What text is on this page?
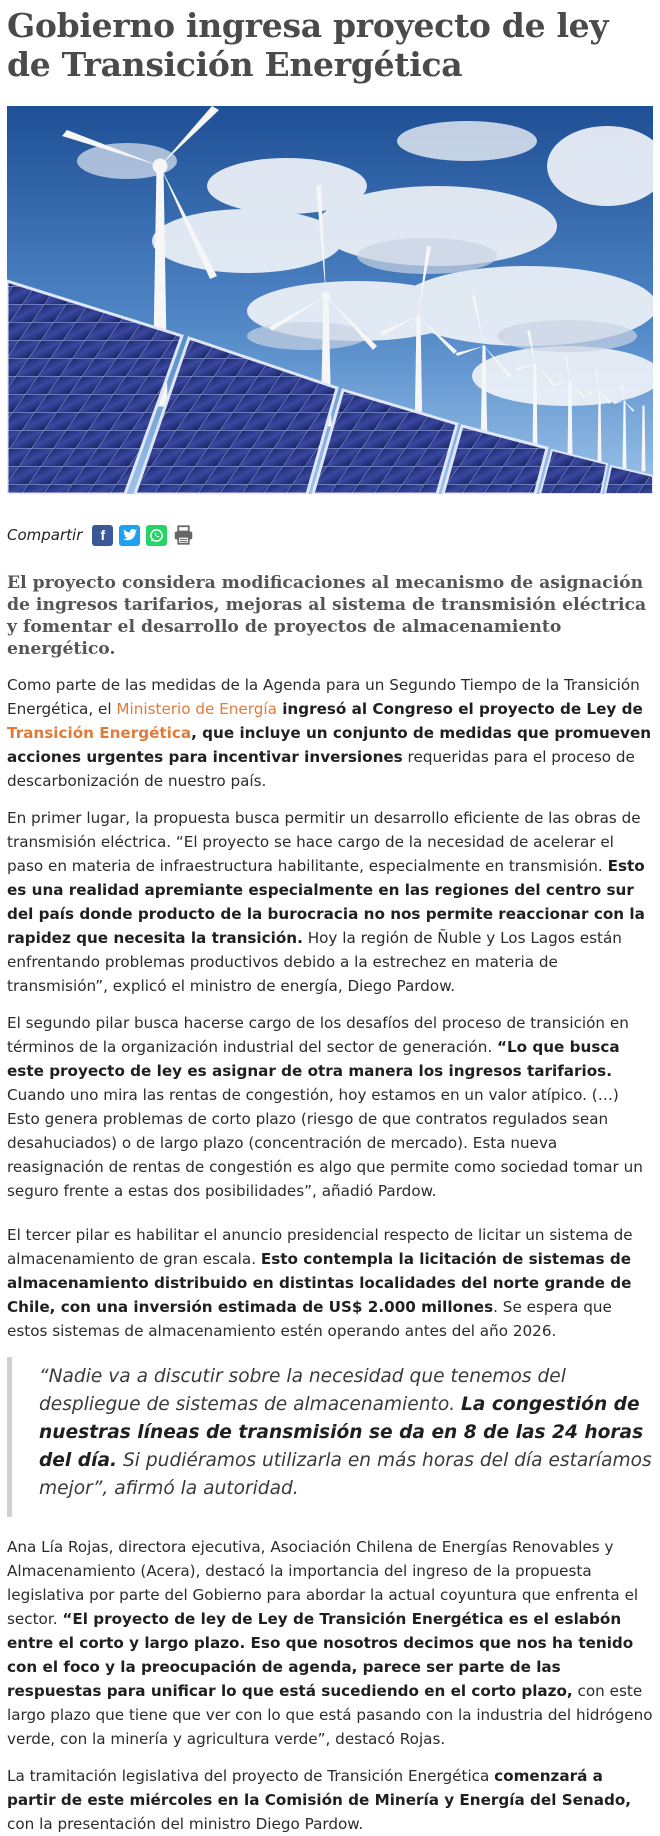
Gobierno ingresa proyecto de ley de Transición Energética
Compartir	f

El proyecto considera modificaciones al mecanismo de asignación de ingresos tarifarios, mejoras al sistema de transmisión eléctrica y fomentar el desarrollo de proyectos de almacenamiento energético.

Como parte de las medidas de la Agenda para un Segundo Tiempo de la Transición Energética, el Ministerio de Energía ingresó al Congreso el proyecto de Ley de Transición Energética, que incluye un conjunto de medidas que promueven acciones urgentes para incentivar inversiones requeridas para el proceso de descarbonización de nuestro país.

En primer lugar, la propuesta busca permitir un desarrollo eficiente de las obras de transmisión eléctrica. “El proyecto se hace cargo de la necesidad de acelerar el paso en materia de infraestructura habilitante, especialmente en transmisión. Esto es una realidad apremiante especialmente en las regiones del centro sur del país donde producto de la burocracia no nos permite reaccionar con la rapidez que necesita la transición. Hoy la región de Ñuble y Los Lagos están enfrentando problemas productivos debido a la estrechez en materia de transmisión”, explicó el ministro de energía, Diego Pardow.

El segundo pilar busca hacerse cargo de los desafíos del proceso de transición en términos de la organización industrial del sector de generación. “Lo que busca este proyecto de ley es asignar de otra manera los ingresos tarifarios. Cuando uno mira las rentas de congestión, hoy estamos en un valor atípico. (…) Esto genera problemas de corto plazo (riesgo de que contratos regulados sean desahuciados) o de largo plazo (concentración de mercado). Esta nueva reasignación de rentas de congestión es algo que permite como sociedad tomar un seguro frente a estas dos posibilidades”, añadió Pardow.

El tercer pilar es habilitar el anuncio presidencial respecto de licitar un sistema de almacenamiento de gran escala. Esto contempla la licitación de sistemas de almacenamiento distribuido en distintas localidades del norte grande de Chile, con una inversión estimada de US$ 2.000 millones. Se espera que estos sistemas de almacenamiento estén operando antes del año 2026.

“Nadie va a discutir sobre la necesidad que tenemos del despliegue de sistemas de almacenamiento. La congestión de nuestras líneas de transmisión se da en 8 de las 24 horas del día. Si pudiéramos utilizarla en más horas del día estaríamos mejor”, afirmó la autoridad.

Ana Lía Rojas, directora ejecutiva, Asociación Chilena de Energías Renovables y Almacenamiento (Acera), destacó la importancia del ingreso de la propuesta legislativa por parte del Gobierno para abordar la actual coyuntura que enfrenta el sector. “El proyecto de ley de Ley de Transición Energética es el eslabón entre el corto y largo plazo. Eso que nosotros decimos que nos ha tenido con el foco y la preocupación de agenda, parece ser parte de las respuestas para unificar lo que está sucediendo en el corto plazo, con este largo plazo que tiene que ver con lo que está pasando con la industria del hidrógeno verde, con la minería y agricultura verde”, destacó Rojas.

La tramitación legislativa del proyecto de Transición Energética comenzará a partir de este miércoles en la Comisión de Minería y Energía del Senado, con la presentación del ministro Diego Pardow.
